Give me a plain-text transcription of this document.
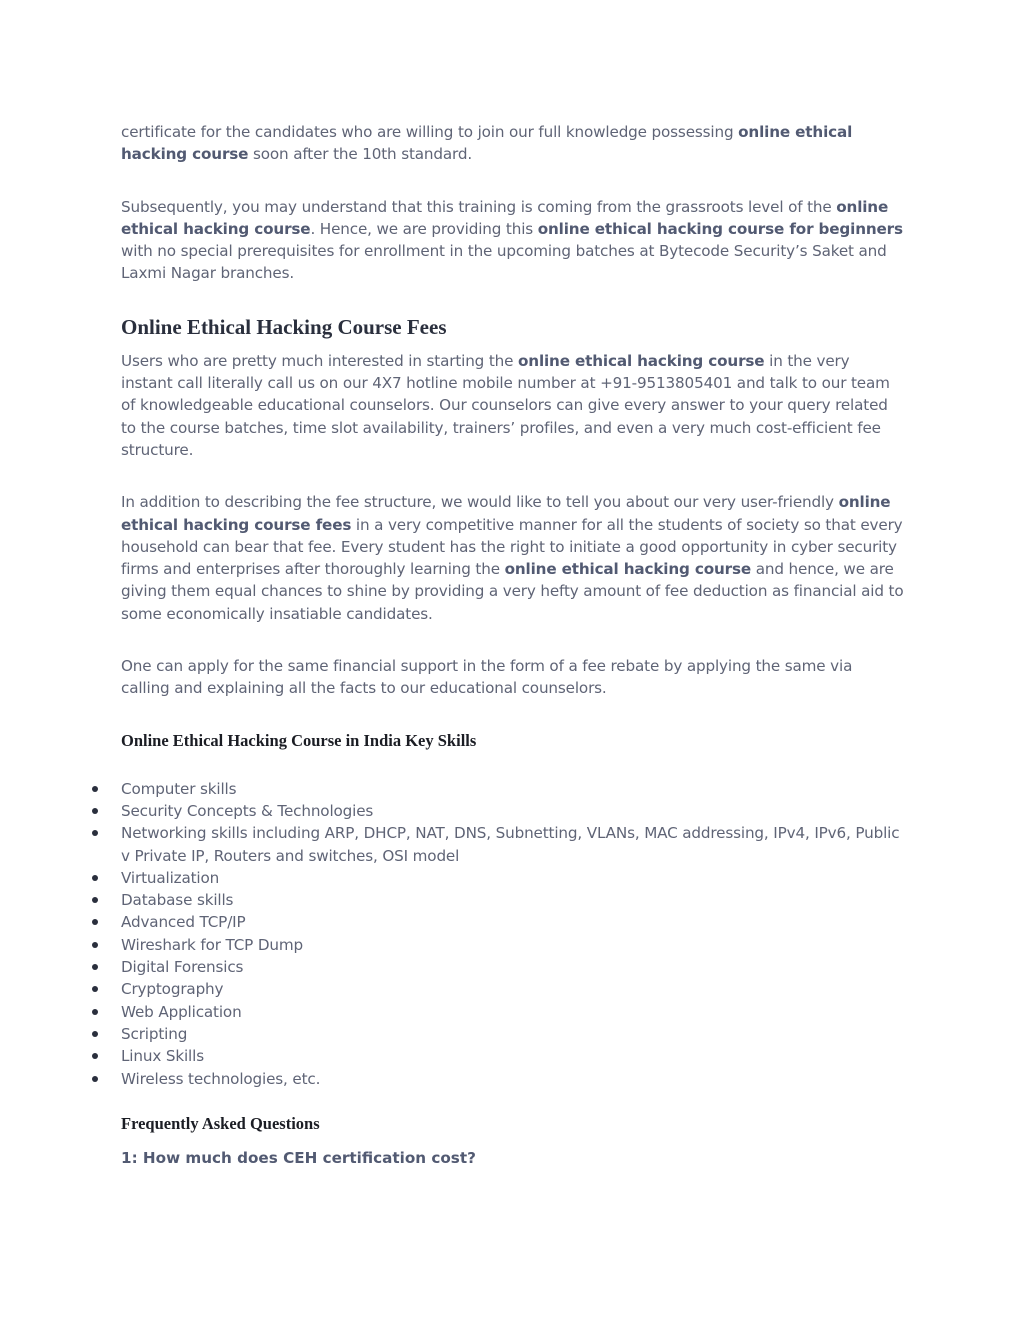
certificate for the candidates who are willing to join our full knowledge possessing online ethical hacking course soon after the 10th standard.

Subsequently, you may understand that this training is coming from the grassroots level of the online ethical hacking course. Hence, we are providing this online ethical hacking course for beginners with no special prerequisites for enrollment in the upcoming batches at Bytecode Security’s Saket and Laxmi Nagar branches.

Online Ethical Hacking Course Fees

Users who are pretty much interested in starting the online ethical hacking course in the very instant call literally call us on our 4X7 hotline mobile number at +91-9513805401 and talk to our team of knowledgeable educational counselors. Our counselors can give every answer to your query related to the course batches, time slot availability, trainers’ profiles, and even a very much cost-efficient fee structure.

In addition to describing the fee structure, we would like to tell you about our very user-friendly online ethical hacking course fees in a very competitive manner for all the students of society so that every household can bear that fee. Every student has the right to initiate a good opportunity in cyber security firms and enterprises after thoroughly learning the online ethical hacking course and hence, we are giving them equal chances to shine by providing a very hefty amount of fee deduction as financial aid to some economically insatiable candidates.

One can apply for the same financial support in the form of a fee rebate by applying the same via calling and explaining all the facts to our educational counselors.

Online Ethical Hacking Course in India Key Skills
Computer skills
Security Concepts & Technologies
Networking skills including ARP, DHCP, NAT, DNS, Subnetting, VLANs, MAC addressing, IPv4, IPv6, Public v Private IP, Routers and switches, OSI model
Virtualization
Database skills
Advanced TCP/IP
Wireshark for TCP Dump
Digital Forensics
Cryptography
Web Application
Scripting
Linux Skills
Wireless technologies, etc.
Frequently Asked Questions

1: How much does CEH certification cost?
